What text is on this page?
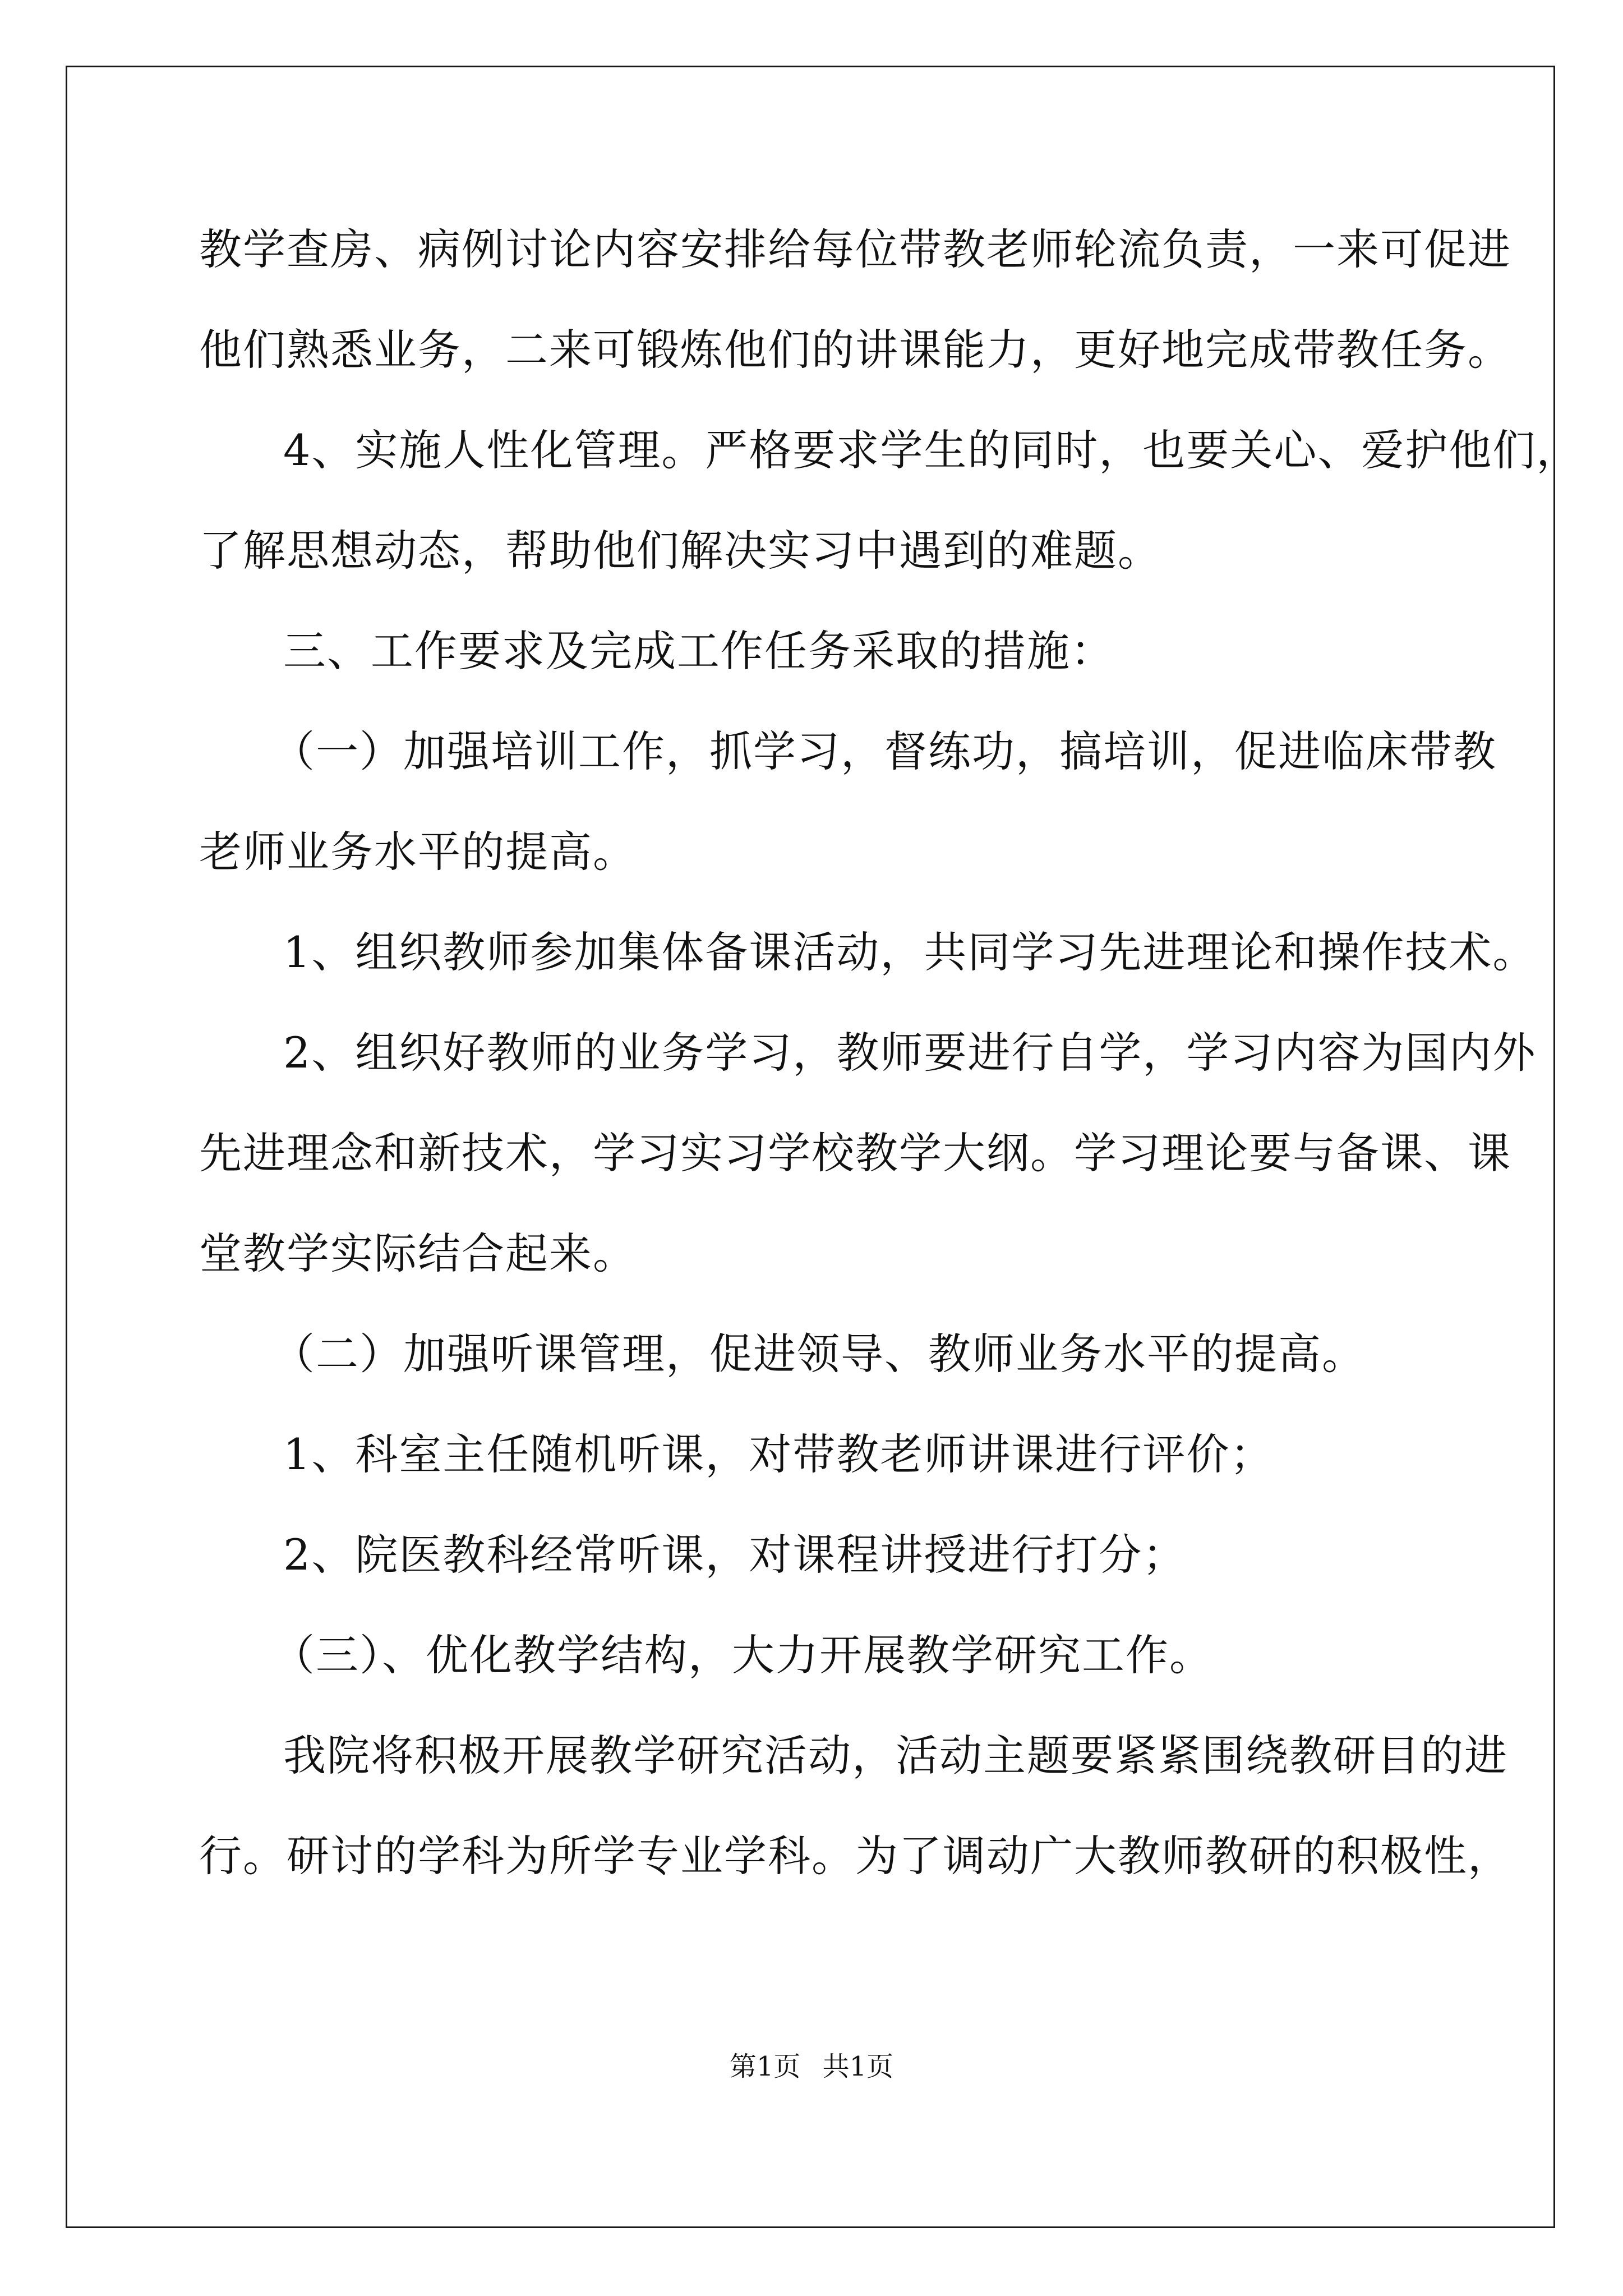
教学查房、病例讨论内容安排给每位带教老师轮流负责，一来可促进
他们熟悉业务，二来可锻炼他们的讲课能力，更好地完成带教任务。
4、实施人性化管理。严格要求学生的同时，也要关心、爱护他们，
了解思想动态，帮助他们解决实习中遇到的难题。
三、工作要求及完成工作任务采取的措施：
（一）加强培训工作，抓学习，督练功，搞培训，促进临床带教
老师业务水平的提高。
1、组织教师参加集体备课活动，共同学习先进理论和操作技术。
2、组织好教师的业务学习，教师要进行自学，学习内容为国内外
先进理念和新技术，学习实习学校教学大纲。学习理论要与备课、课
堂教学实际结合起来。
（二）加强听课管理，促进领导、教师业务水平的提高。
1、科室主任随机听课，对带教老师讲课进行评价；
2、院医教科经常听课，对课程讲授进行打分；
（三）、优化教学结构，大力开展教学研究工作。
我院将积极开展教学研究活动，活动主题要紧紧围绕教研目的进
行。研讨的学科为所学专业学科。为了调动广大教师教研的积极性，
第1页 共1页
